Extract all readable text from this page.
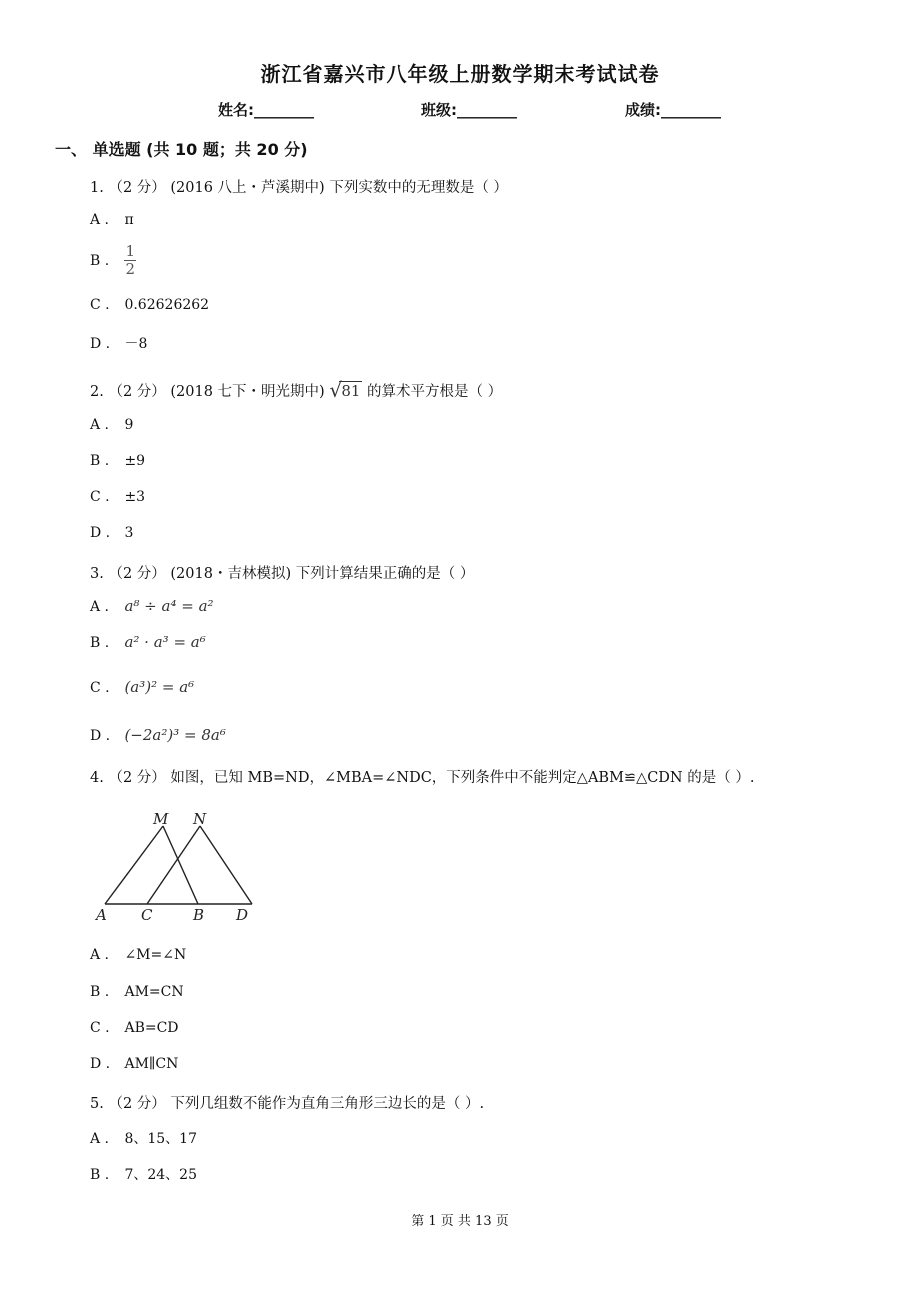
浙江省嘉兴市八年级上册数学期末考试试卷
姓名:________	班级:________	成绩:________
一、 单选题 (共 10 题；共 20 分)
1. （2 分） (2016 八上・芦溪期中) 下列实数中的无理数是（ ）
A . π
B . $\frac{1}{2}$
C . 0.62626262
D . －8
2. （2 分） (2018 七下・明光期中) √ 81 的算术平方根是（ ）
A . 9
B . ±9
C . ±3
D . 3
3. （2 分） (2018・吉林模拟) 下列计算结果正确的是（ ）
A . a⁸ ÷ a⁴ = a²
B . a² · a³ = a⁶
C . (a³)² = a⁶
D . (−2a²)³ = 8a⁶
4. （2 分） 如图，已知 MB=ND，∠MBA=∠NDC，下列条件中不能判定△ABM≌△CDN 的是（ ）.
M N
A C	B D
A . ∠M=∠N
B . AM=CN
C . AB=CD
D . AM∥CN
5. （2 分） 下列几组数不能作为直角三角形三边长的是（ ）.
A . 8、15、17
B . 7、24、25
第 1 页 共 13 页
